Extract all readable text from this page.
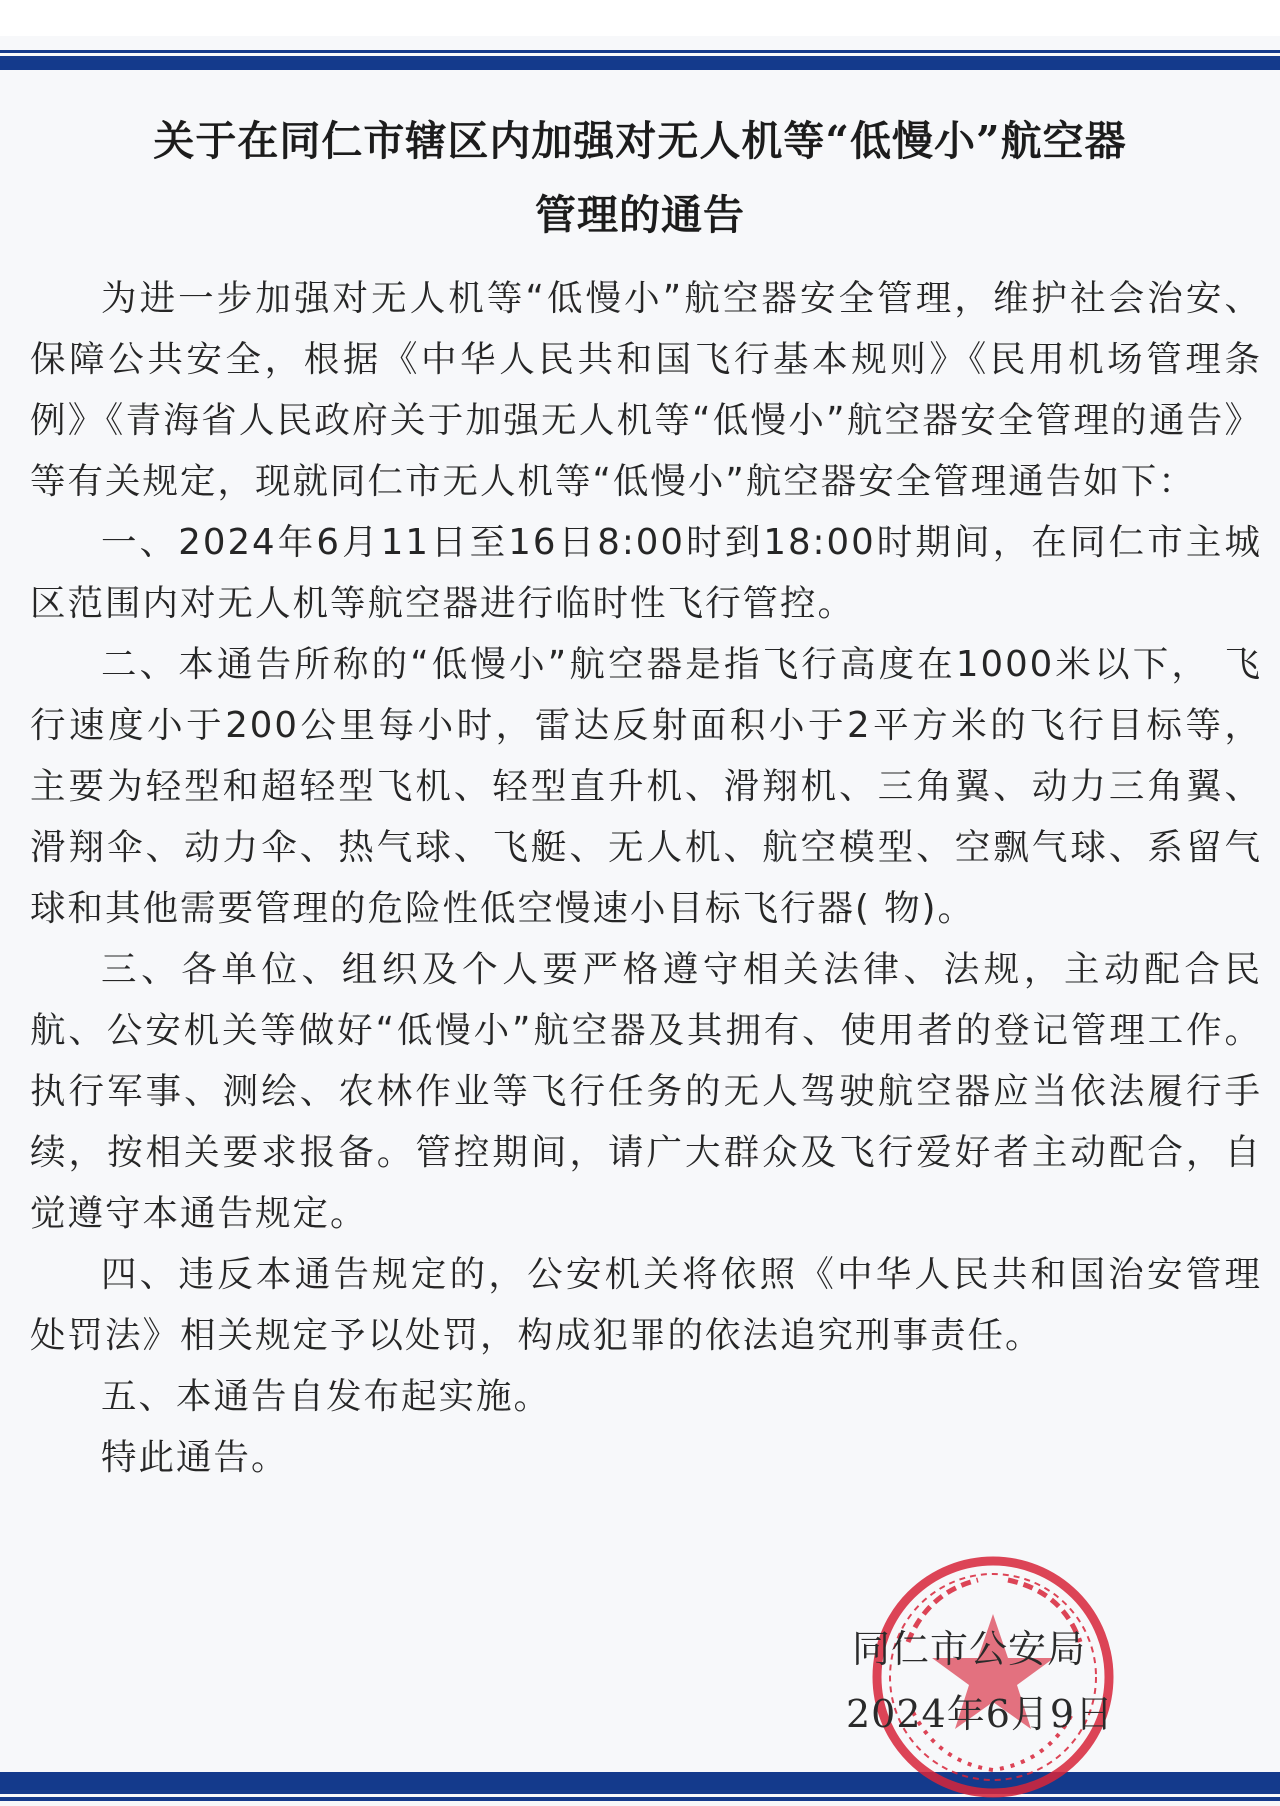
关于在同仁市辖区内加强对无人机等“低慢小”航空器
管理的通告

为进一步加强对无人机等“低慢小”航空器安全管理，维护社会治安、保障公共安全，根据《中华人民共和国飞行基本规则》《民用机场管理条例》《青海省人民政府关于加强无人机等“低慢小”航空器安全管理的通告》等有关规定，现就同仁市无人机等“低慢小”航空器安全管理通告如下：

一、2024年6月11日至16日8:00时到18:00时期间，在同仁市主城区范围内对无人机等航空器进行临时性飞行管控。

二、本通告所称的“低慢小”航空器是指飞行高度在1000米以下， 飞行速度小于200公里每小时，雷达反射面积小于2平方米的飞行目标等， 主要为轻型和超轻型飞机、轻型直升机、滑翔机、三角翼、动力三角翼、滑翔伞、动力伞、热气球、飞艇、无人机、航空模型、空飘气球、系留气球和其他需要管理的危险性低空慢速小目标飞行器( 物)。

三、各单位、组织及个人要严格遵守相关法律、法规，主动配合民航、公安机关等做好“低慢小”航空器及其拥有、使用者的登记管理工作。执行军事、测绘、农林作业等飞行任务的无人驾驶航空器应当依法履行手续，按相关要求报备。管控期间，请广大群众及飞行爱好者主动配合，自觉遵守本通告规定。

四、违反本通告规定的，公安机关将依照《中华人民共和国治安管理处罚法》相关规定予以处罚，构成犯罪的依法追究刑事责任。

五、本通告自发布起实施。

特此通告。

同仁市公安局
2024年6月9日
